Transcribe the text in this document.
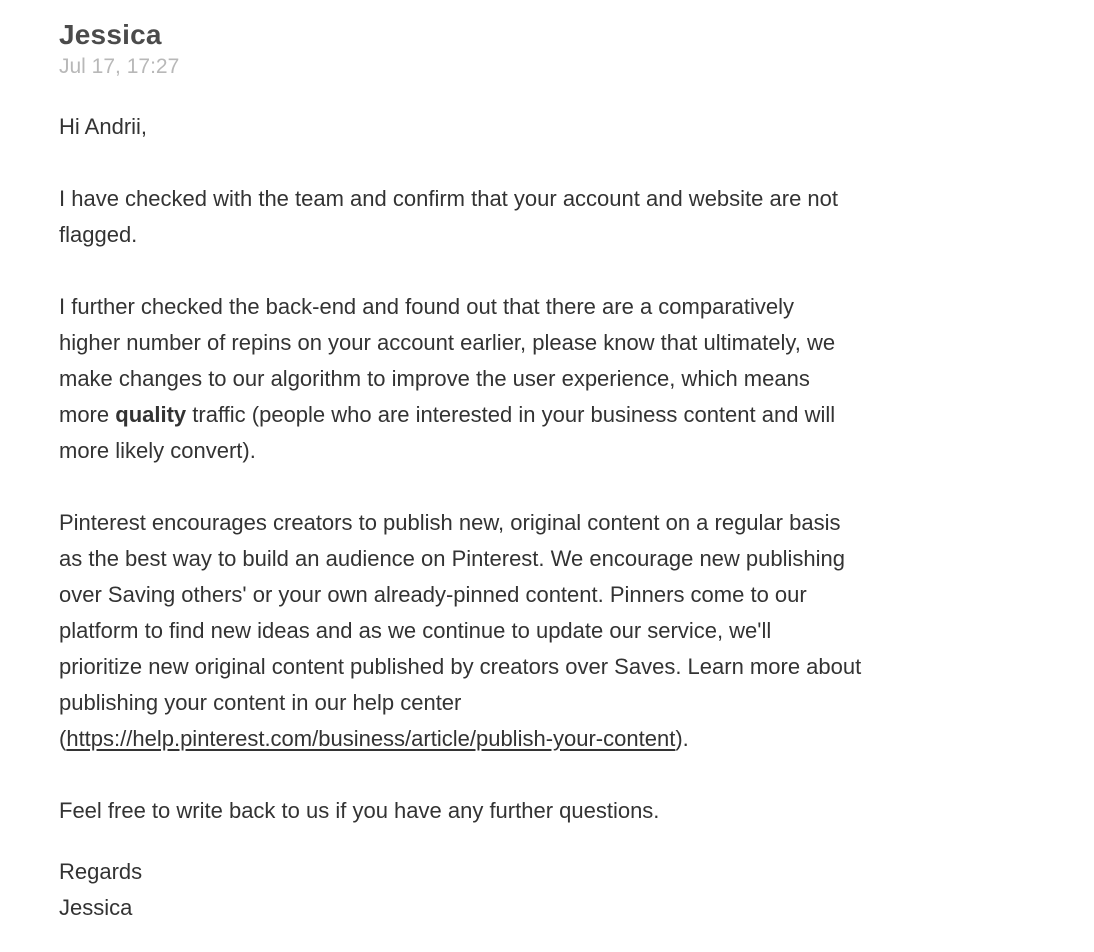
Jessica
Jul 17, 17:27
Hi Andrii,
I have checked with the team and confirm that your account and website are not
flagged.
I further checked the back-end and found out that there are a comparatively
higher number of repins on your account earlier, please know that ultimately, we
make changes to our algorithm to improve the user experience, which means
more quality traffic (people who are interested in your business content and will
more likely convert).
Pinterest encourages creators to publish new, original content on a regular basis
as the best way to build an audience on Pinterest. We encourage new publishing
over Saving others' or your own already-pinned content. Pinners come to our
platform to find new ideas and as we continue to update our service, we'll
prioritize new original content published by creators over Saves. Learn more about
publishing your content in our help center
(https://help.pinterest.com/business/article/publish-your-content).
Feel free to write back to us if you have any further questions.
Regards
Jessica
